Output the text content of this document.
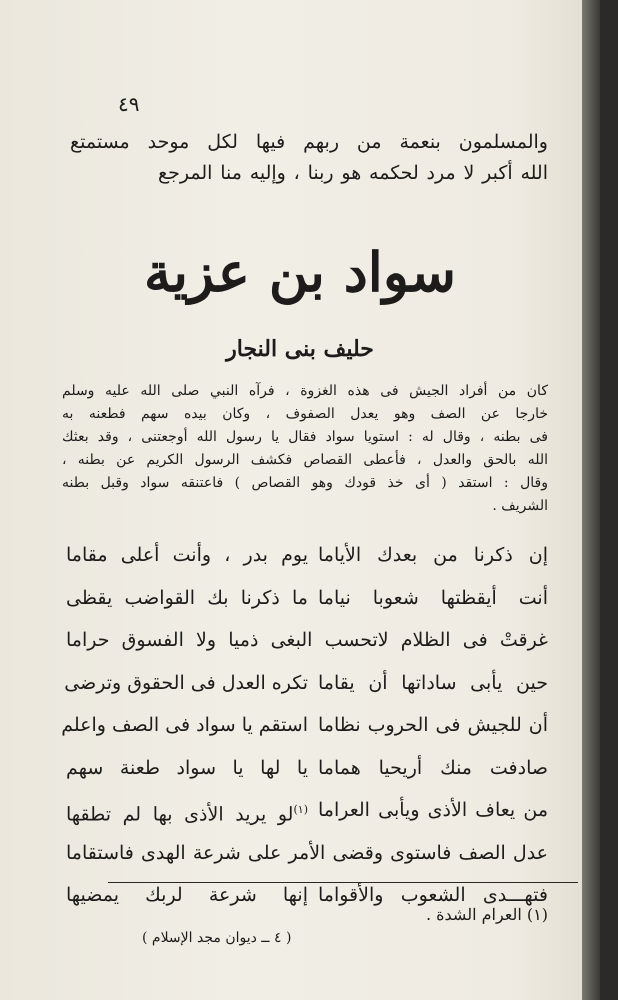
٤٩
والمسلمون بنعمة من ربهم فيها لكل موحد مستمتع
الله أكبر لا مرد لحكمه هو ربنا ، وإليه منا المرجع
سواد بن عزية
حليف بنى النجار
كان من أفراد الجيش فى هذه الغزوة ، فرآه النبي صلى الله عليه وسلم
خارجا عن الصف وهو يعدل الصفوف ، وكان بيده سهم فطعنه به
فى بطنه ، وقال له : استويا سواد فقال يا رسول الله أوجعتنى ، وقد بعثك
الله بالحق والعدل ، فأعطى القصاص فكشف الرسول الكريم عن بطنه ،
وقال : استقد ( أى خذ قودك وهو القصاص ) فاعتنقه سواد وقبل بطنه
الشريف .
يوم بدر ، وأنت أعلى مقاما إن ذكرنا من بعدك الأياما
ما ذكرنا بك القواضب يقظى أنت أيقظتها شعوبا نياما
غرقتْ فى الظلام لاتحسب البغى ذميا ولا الفسوق حراما
تكره العدل فى الحقوق وترضى حين يأبى ساداتها أن يقاما
استقم يا سواد فى الصف واعلم أن للجيش فى الحروب نظاما
يا لها يا سواد طعنة سهم صادفت منك أريحيا هماما
$^{(١)}$لو يريد الأذى بها لم تطقها	من يعاف الأذى ويأبى العراما
عدل الصف فاستوى وقضى الأمر على شرعة الهدى فاستقاما
إنها شرعة لربك يمضيها فتهـــدى الشعوب والأقواما
(١) العرام الشدة .
( ٤ ــ ديوان مجد الإسلام )
